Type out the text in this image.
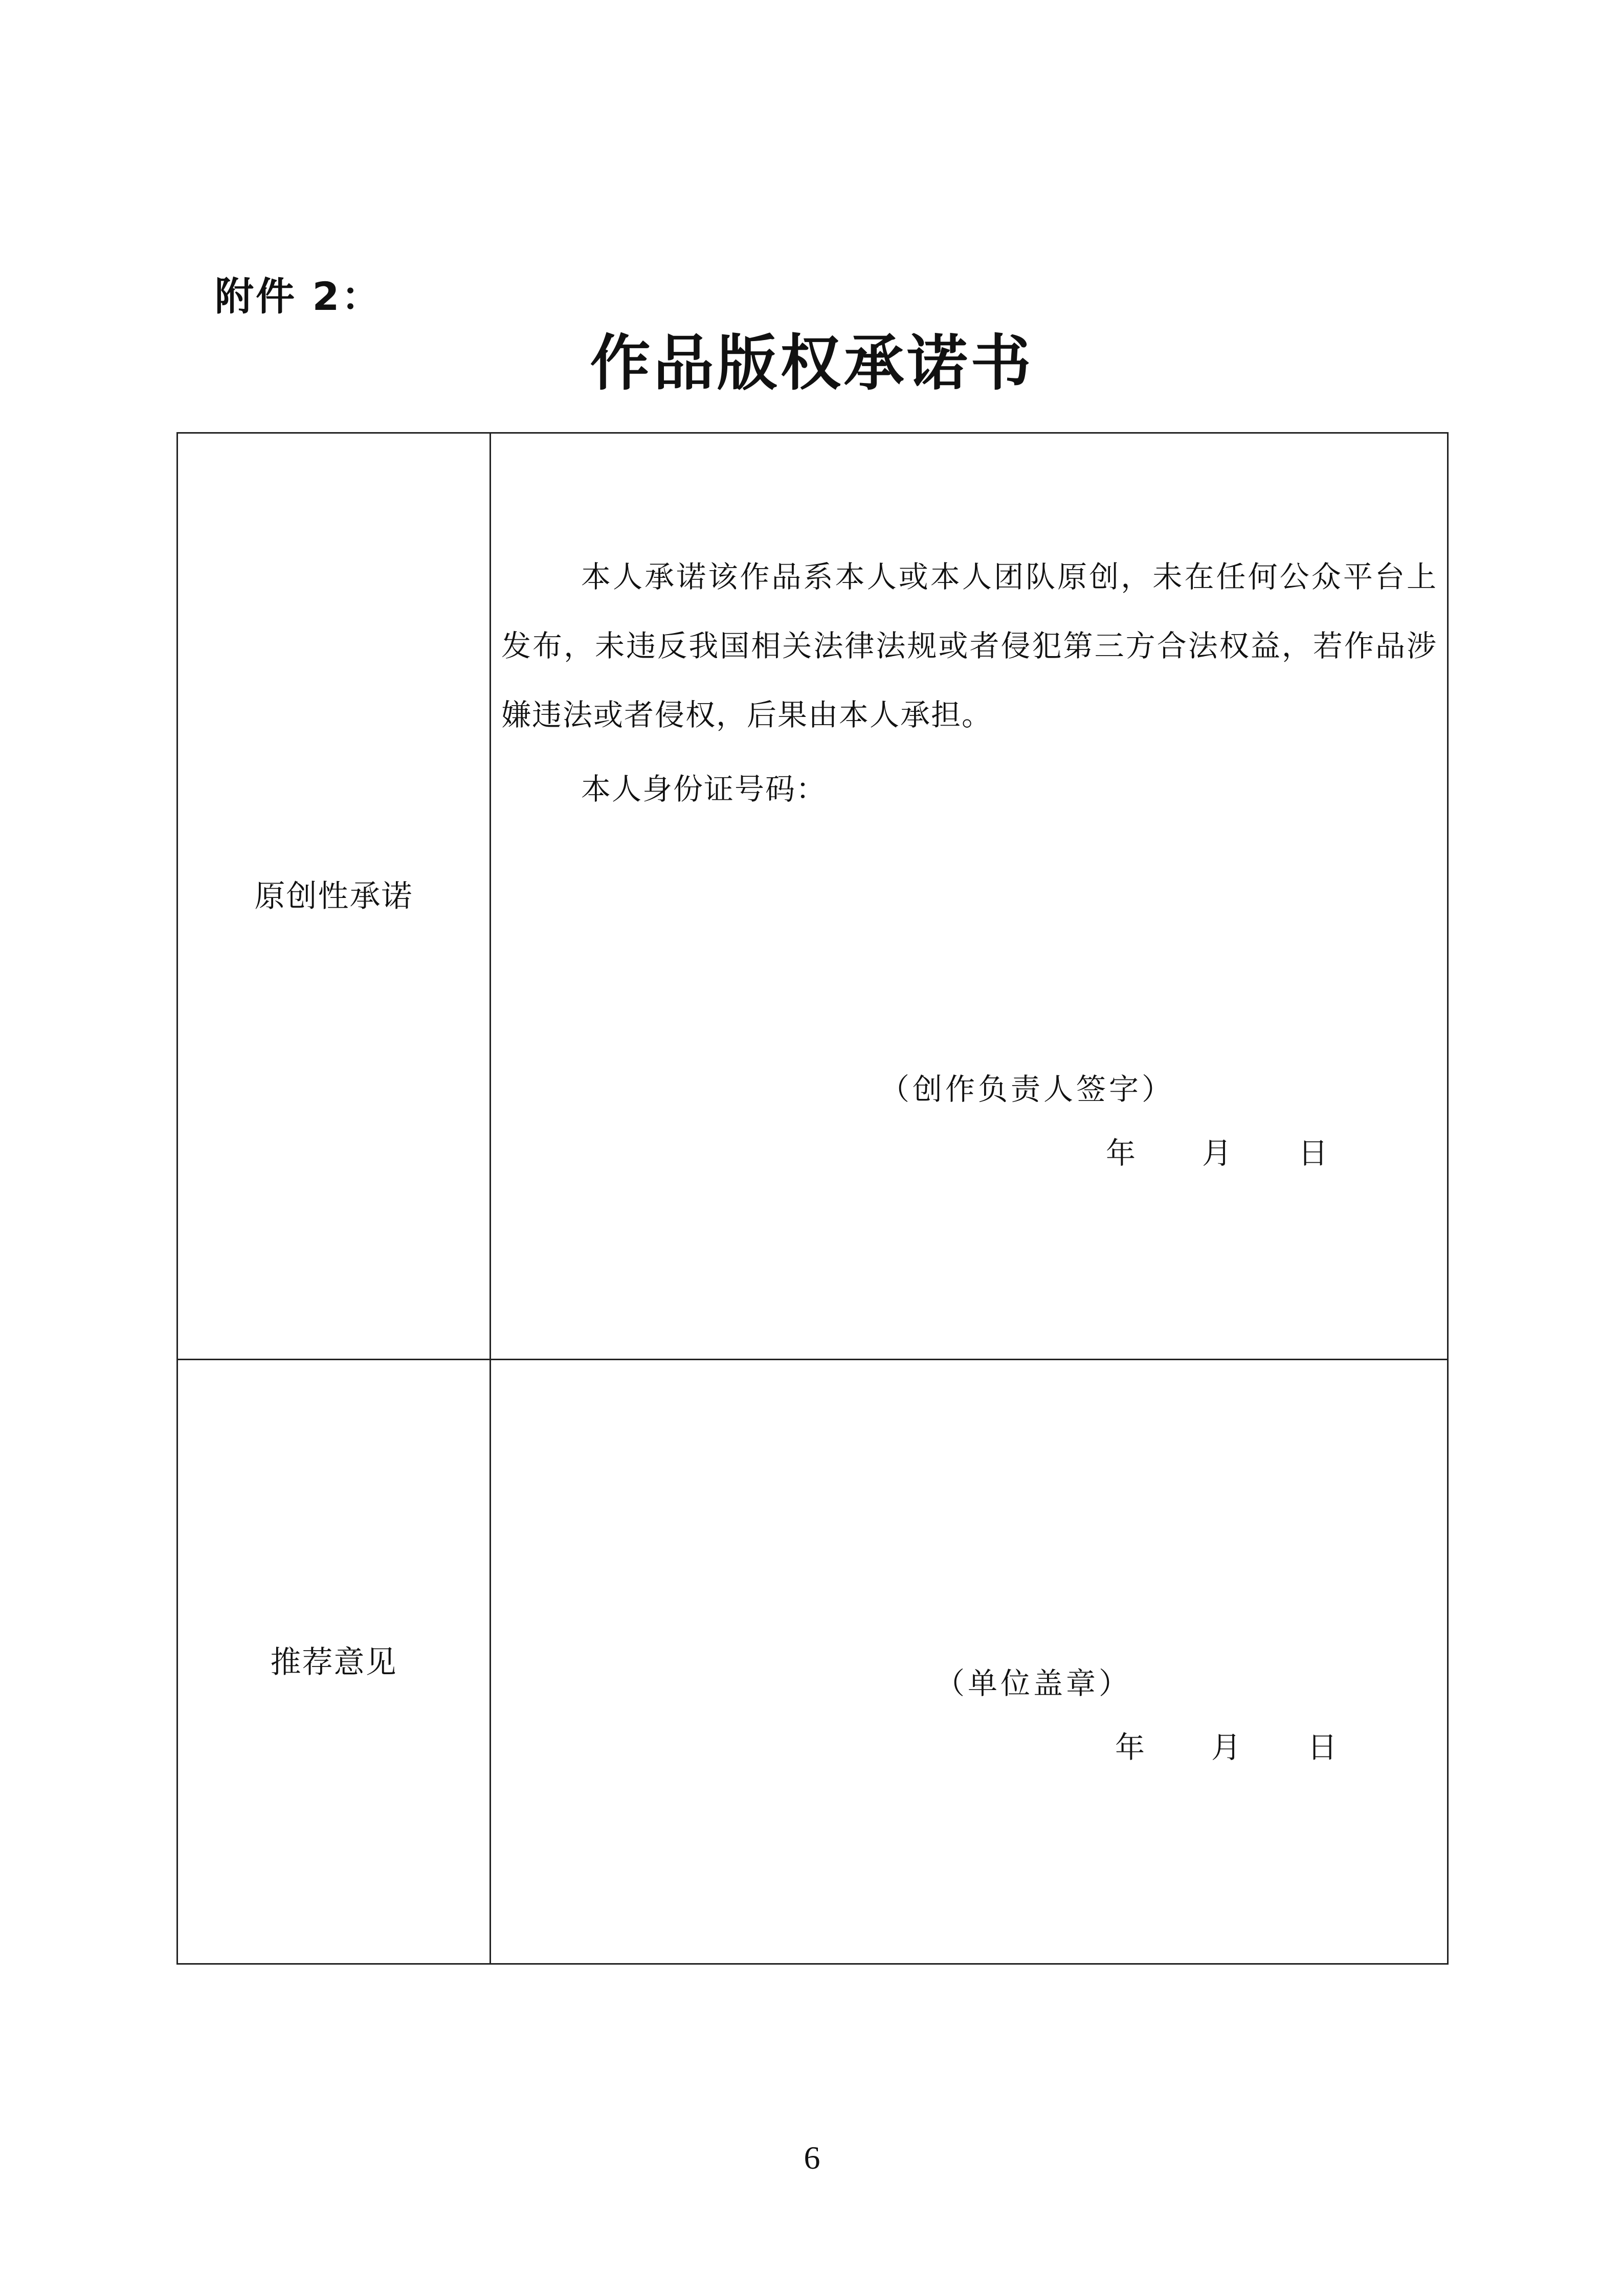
附件 2：
作品版权承诺书
原创性承诺

本人承诺该作品系本人或本人团队原创，未在任何公众平台上发布，未违反我国相关法律法规或者侵犯第三方合法权益，若作品涉嫌违法或者侵权，后果由本人承担。

本人身份证号码：
（创作负责人签字）
年 月 日
推荐意见
（单位盖章）
年 月 日
6
